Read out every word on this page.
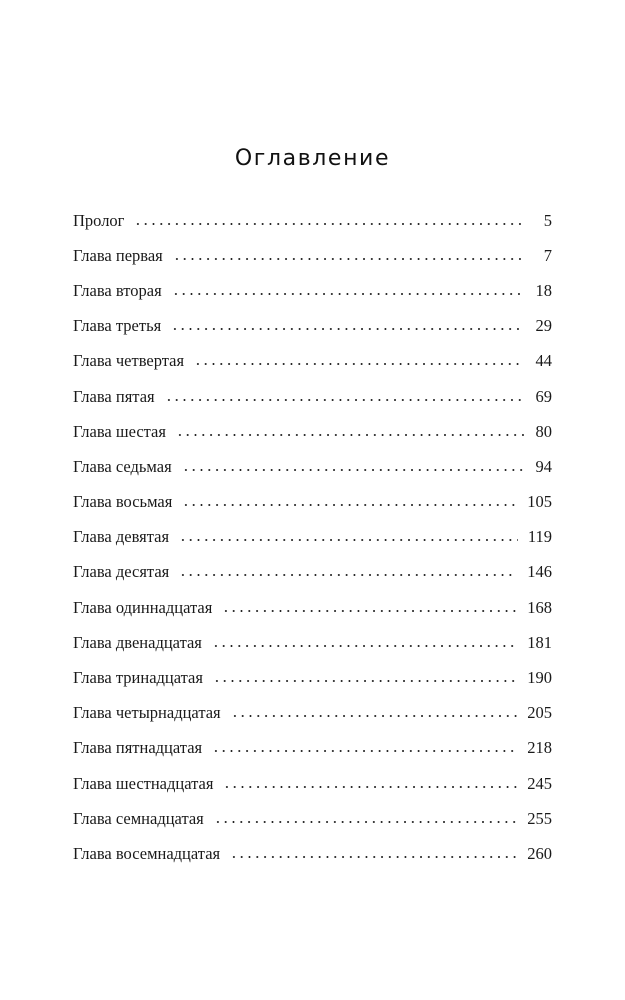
Оглавление
Пролог	5
Глава первая	7
Глава вторая	18
Глава третья	29
Глава четвертая	44
Глава пятая	69
Глава шестая	80
Глава седьмая	94
Глава восьмая	105
Глава девятая	119
Глава десятая	146
Глава одиннадцатая	168
Глава двенадцатая	181
Глава тринадцатая	190
Глава четырнадцатая	205
Глава пятнадцатая	218
Глава шестнадцатая	245
Глава семнадцатая	255
Глава восемнадцатая	260
